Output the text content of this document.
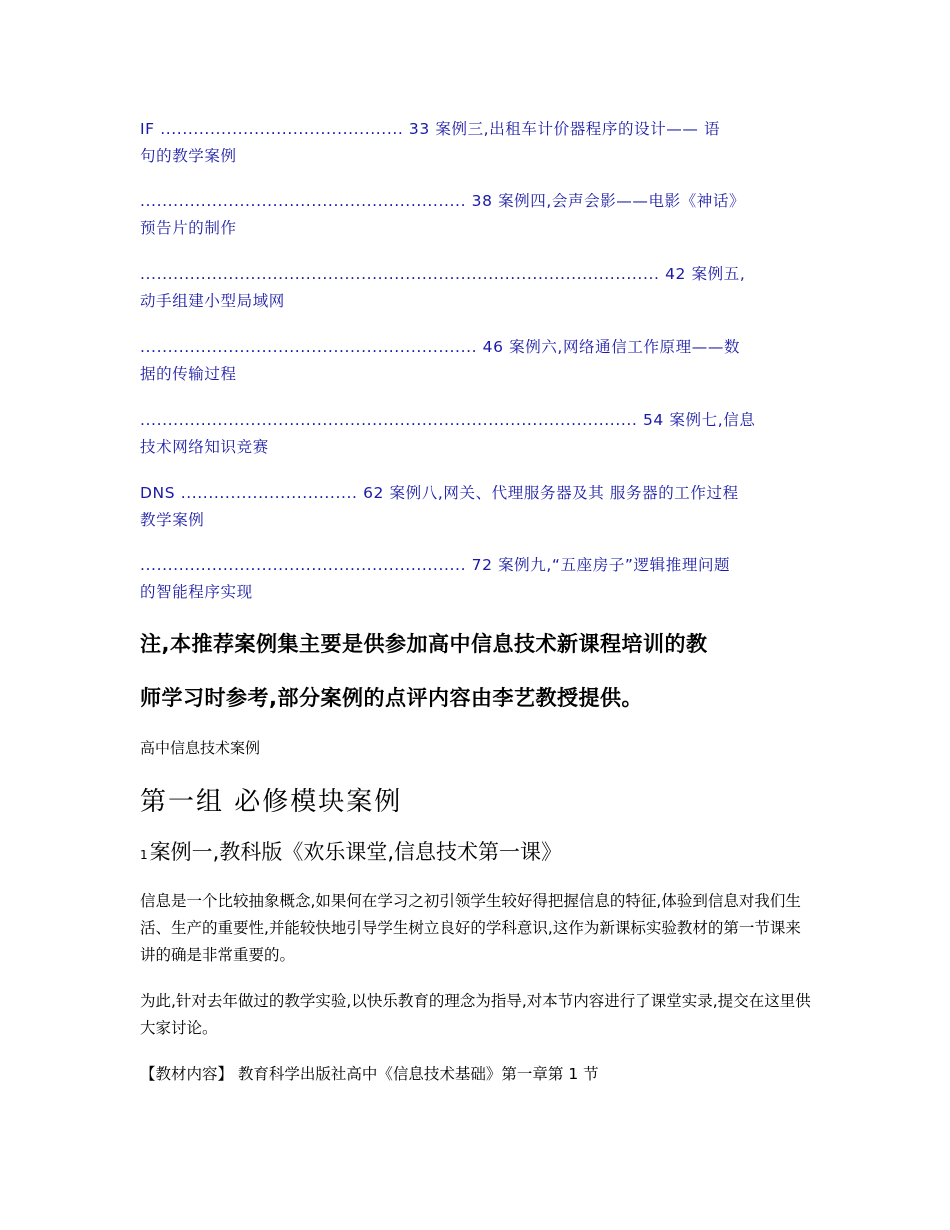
IF ............................................ 33 案例三,出租车计价器程序的设计—— 语
句的教学案例
........................................................... 38 案例四,会声会影——电影《神话》
预告片的制作
.............................................................................................. 42 案例五,
动手组建小型局域网
............................................................. 46 案例六,网络通信工作原理——数
据的传输过程
.......................................................................................... 54 案例七,信息
技术网络知识竞赛
DNS ................................ 62 案例八,网关、代理服务器及其 服务器的工作过程
教学案例
........................................................... 72 案例九,“五座房子”逻辑推理问题
的智能程序实现
注,本推荐案例集主要是供参加高中信息技术新课程培训的教
师学习时参考,部分案例的点评内容由李艺教授提供。

高中信息技术案例

第一组 必修模块案例
1案例一,教科版《欢乐课堂,信息技术第一课》

信息是一个比较抽象概念,如果何在学习之初引领学生较好得把握信息的特征,体验到信息对我们生活、生产的重要性,并能较快地引导学生树立良好的学科意识,这作为新课标实验教材的第一节课来讲的确是非常重要的。

为此,针对去年做过的教学实验,以快乐教育的理念为指导,对本节内容进行了课堂实录,提交在这里供大家讨论。

【教材内容】 教育科学出版社高中《信息技术基础》第一章第 1 节
